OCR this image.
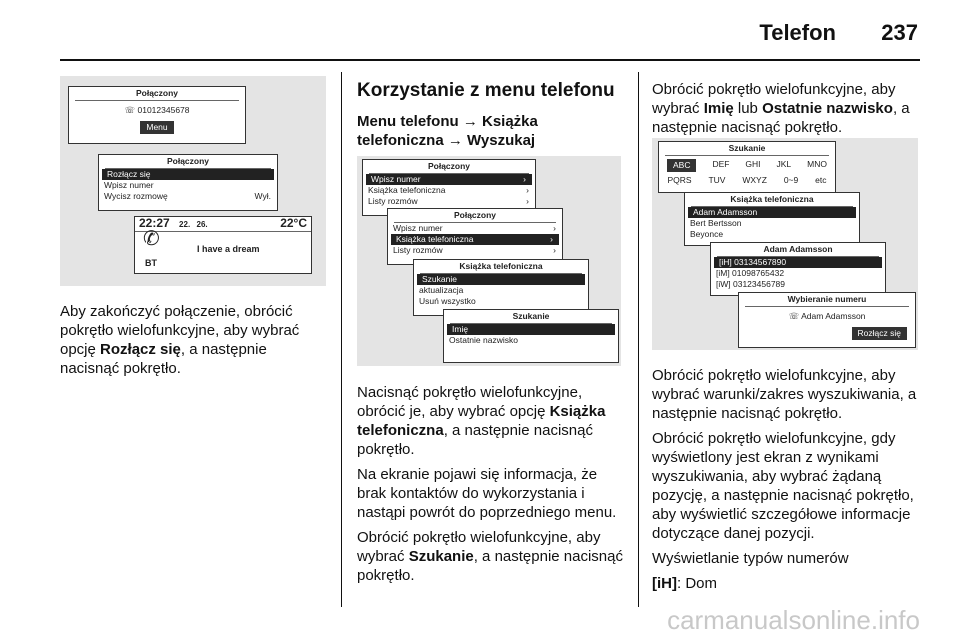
Telefon 237
Połączony
☏ 01012345678
Menu
Połączony
Rozłącz się
Wpisz numer
Wycisz rozmowę	Wył.
22:27 22. 26.	22°C
✆
BT
I have a dream

Aby zakończyć połączenie, obrócić pokrętło wielofunkcyjne, aby wybrać opcję Rozłącz się, a następnie nacisnąć pokrętło.

Korzystanie z menu telefonu
Menu telefonu → Książka telefoniczna → Wyszukaj
Połączony
Wpisz numer	›
Książka telefoniczna	›
Listy rozmów	›
Połączony
Wpisz numer	›
Książka telefoniczna	›
Listy rozmów	›
Książka telefoniczna
Szukanie
aktualizacja
Usuń wszystko
Szukanie
Imię
Ostatnie nazwisko

Nacisnąć pokrętło wielofunkcyjne, obrócić je, aby wybrać opcję Książka telefoniczna, a następnie nacisnąć pokrętło.

Na ekranie pojawi się informacja, że brak kontaktów do wykorzystania i nastąpi powrót do poprzedniego menu.

Obrócić pokrętło wielofunkcyjne, aby wybrać Szukanie, a następnie nacisnąć pokrętło.

Obrócić pokrętło wielofunkcyjne, aby wybrać Imię lub Ostatnie nazwisko, a następnie nacisnąć pokrętło.

Szukanie
ABC	DEF GHI JKL MNO
PQRS TUV WXYZ 0~9 etc
Książka telefoniczna
Adam Adamsson
Bert Bertsson
Beyonce
Adam Adamsson
[iH] 03134567890
[iM] 01098765432
[iW] 03123456789
Wybieranie numeru
☏ Adam Adamsson
Rozłącz się

Obrócić pokrętło wielofunkcyjne, aby wybrać warunki/zakres wyszukiwania, a następnie nacisnąć pokrętło.

Obrócić pokrętło wielofunkcyjne, gdy wyświetlony jest ekran z wynikami wyszukiwania, aby wybrać żądaną pozycję, a następnie nacisnąć pokrętło, aby wyświetlić szczegółowe informacje dotyczące danej pozycji.

Wyświetlanie typów numerów

[iH]: Dom

carmanualsonline.info
